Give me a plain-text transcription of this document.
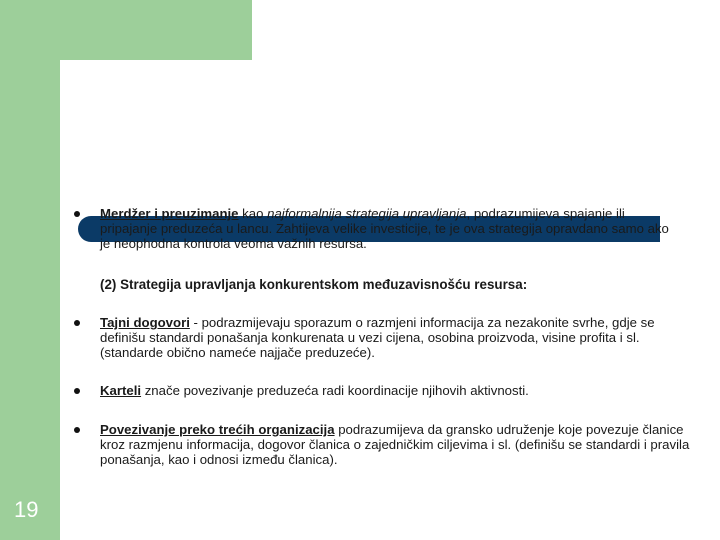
19
Merdžer i preuzimanje kao najformalnija strategija upravljanja, podrazumijeva spajanje ili pripajanje preduzeća u lancu. Zahtijeva velike investicije, te je ova strategija opravdano samo ako je neophodna kontrola veoma važnih resursa.
(2) Strategija upravljanja konkurentskom međuzavisnošću resursa:
Tajni dogovori - podrazmijevaju sporazum o razmjeni informacija za nezakonite svrhe, gdje se definišu standardi ponašanja konkurenata u vezi cijena, osobina proizvoda, visine profita i sl. (standarde obično nameće najjače preduzeće).
Karteli znače povezivanje preduzeća radi koordinacije njihovih aktivnosti.
Povezivanje preko trećih organizacija podrazumijeva da gransko udruženje koje povezuje članice kroz razmjenu informacija, dogovor članica o zajedničkim ciljevima i sl. (definišu se standardi i pravila ponašanja, kao i odnosi između članica).
